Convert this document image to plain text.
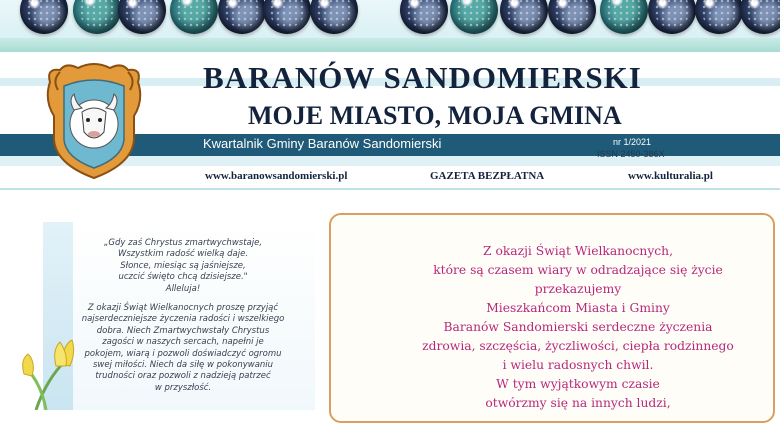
BARANÓW SANDOMIERSKI
MOJE MIASTO, MOJA GMINA
Kwartalnik Gminy Baranów Sandomierski	nr 1/2021
ISSN 2450-386X
www.baranowsandomierski.pl	GAZETA BEZPŁATNA	www.kulturalia.pl

„Gdy zaś Chrystus zmartwychwstaje,
Wszystkim radość wielką daje.
Słonce, miesiąc są jaśniejsze,
uczcić święto chcą dzisiejsze."
Alleluja!

Z okazji Świąt Wielkanocnych proszę przyjąć
najserdeczniejsze życzenia radości i wszelkiego
dobra. Niech Zmartwychwstały Chrystus
zagości w naszych sercach, napełni je
pokojem, wiarą i pozwoli doświadczyć ogromu
swej miłości. Niech da siłę w pokonywaniu
trudności oraz pozwoli z nadzieją patrzeć
w przyszłość.

Z okazji Świąt Wielkanocnych,
które są czasem wiary w odradzające się życie
przekazujemy
Mieszkańcom Miasta i Gminy
Baranów Sandomierski serdeczne życzenia
zdrowia, szczęścia, życzliwości, ciepła rodzinnego
i wielu radosnych chwil.
W tym wyjątkowym czasie
otwórzmy się na innych ludzi,
